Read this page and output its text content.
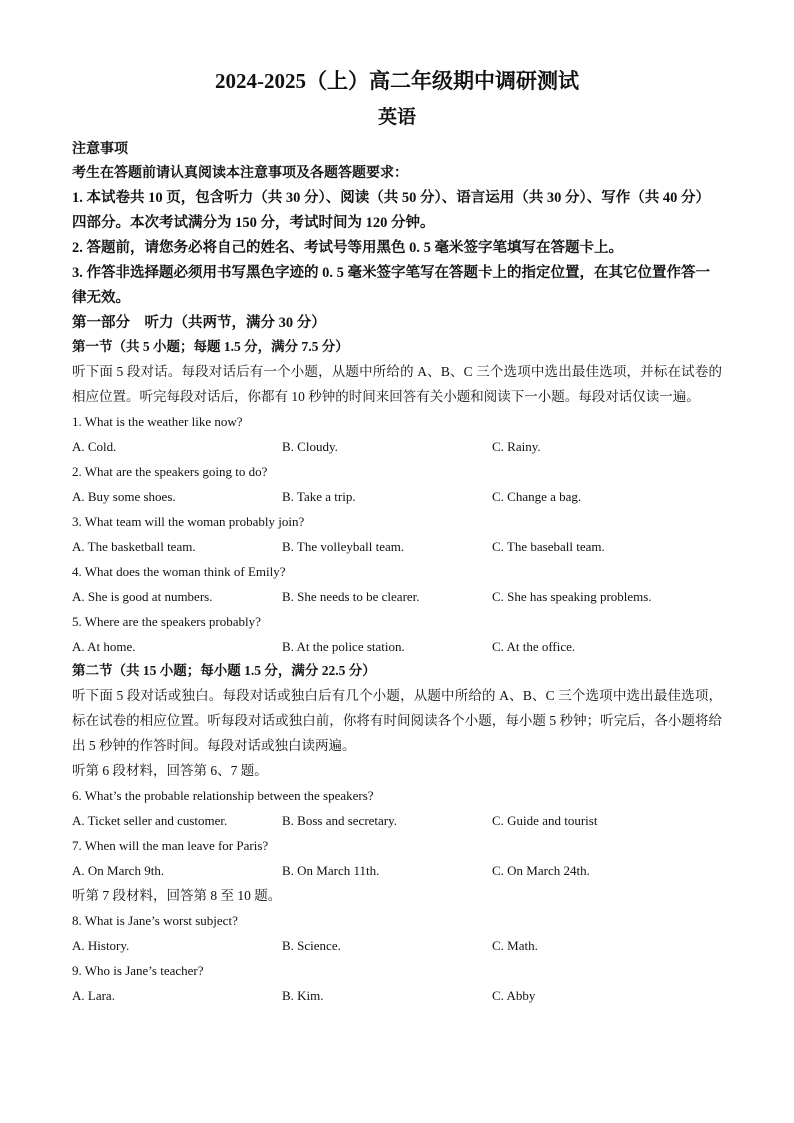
2024-2025（上）高二年级期中调研测试
英语
注意事项
考生在答题前请认真阅读本注意事项及各题答题要求：
1. 本试卷共 10 页，包含听力（共 30 分）、阅读（共 50 分）、语言运用（共 30 分）、写作（共 40 分）四部分。本次考试满分为 150 分，考试时间为 120 分钟。
2. 答题前，请您务必将自己的姓名、考试号等用黑色 0. 5 毫米签字笔填写在答题卡上。
3. 作答非选择题必须用书写黑色字迹的 0. 5 毫米签字笔写在答题卡上的指定位置，在其它位置作答一律无效。
第一部分　听力（共两节，满分 30 分）
第一节（共 5 小题；每题 1.5 分，满分 7.5 分）
听下面 5 段对话。每段对话后有一个小题，从题中所给的 A、B、C 三个选项中选出最佳选项，并标在试卷的相应位置。听完每段对话后，你都有 10 秒钟的时间来回答有关小题和阅读下一小题。每段对话仅读一遍。
1. What is the weather like now?
A. Cold.	B. Cloudy.	C. Rainy.
2. What are the speakers going to do?
A. Buy some shoes.	B. Take a trip.	C. Change a bag.
3. What team will the woman probably join?
A. The basketball team.	B. The volleyball team.	C. The baseball team.
4. What does the woman think of Emily?
A. She is good at numbers.	B. She needs to be clearer.	C. She has speaking problems.
5. Where are the speakers probably?
A. At home.	B. At the police station.	C. At the office.
第二节（共 15 小题；每小题 1.5 分，满分 22.5 分）
听下面 5 段对话或独白。每段对话或独白后有几个小题，从题中所给的 A、B、C 三个选项中选出最佳选项，标在试卷的相应位置。听每段对话或独白前，你将有时间阅读各个小题，每小题 5 秒钟；听完后，各小题将给出 5 秒钟的作答时间。每段对话或独白读两遍。
听第 6 段材料，回答第 6、7 题。
6. What’s the probable relationship between the speakers?
A. Ticket seller and customer.	B. Boss and secretary.	C. Guide and tourist
7. When will the man leave for Paris?
A. On March 9th.	B. On March 11th.	C. On March 24th.
听第 7 段材料，回答第 8 至 10 题。
8. What is Jane’s worst subject?
A. History.	B. Science.	C. Math.
9. Who is Jane’s teacher?
A. Lara.	B. Kim.	C. Abby
